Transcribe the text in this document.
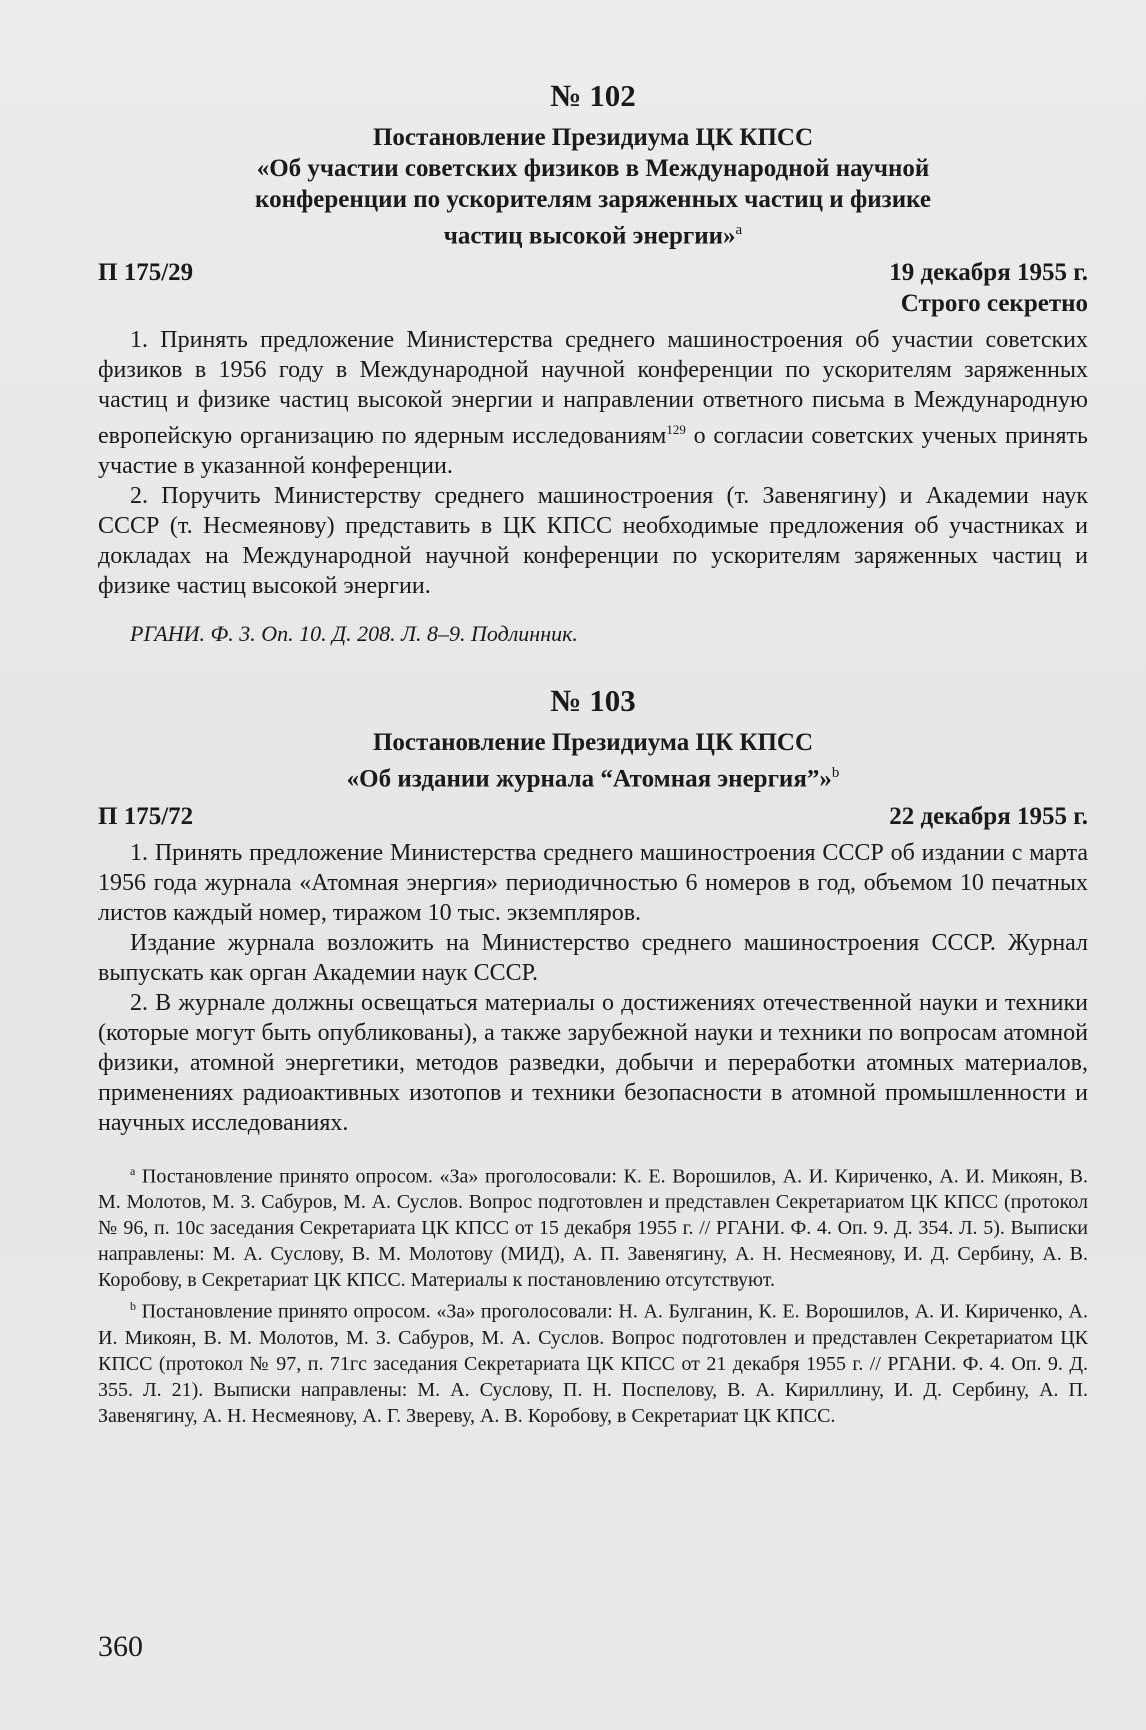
№ 102

Постановление Президиума ЦК КПСС

«Об участии советских физиков в Международной научной

конференции по ускорителям заряженных частиц и физике

частиц высокой энергии»$^a$

П 175/29	19 декабря 1955 г.
Строго секретно

1. Принять предложение Министерства среднего машиностроения об участии советских физиков в 1956 году в Международной научной конференции по ускорителям заряженных частиц и физике частиц высокой энергии и направлении ответного письма в Международную европейскую организацию по ядерным исследованиям$^{129}$ о согласии советских ученых принять участие в указанной конференции.

2. Поручить Министерству среднего машиностроения (т. Завенягину) и Академии наук СССР (т. Несмеянову) представить в ЦК КПСС необходимые предложения об участниках и докладах на Международной научной конференции по ускорителям заряженных частиц и физике частиц высокой энергии.

РГАНИ. Ф. 3. Оп. 10. Д. 208. Л. 8–9. Подлинник.

№ 103

Постановление Президиума ЦК КПСС

«Об издании журнала “Атомная энергия”»$^b$

П 175/72	22 декабря 1955 г.

1. Принять предложение Министерства среднего машиностроения СССР об издании с марта 1956 года журнала «Атомная энергия» периодичностью 6 номеров в год, объемом 10 печатных листов каждый номер, тиражом 10 тыс. экземпляров.

Издание журнала возложить на Министерство среднего машиностроения СССР. Журнал выпускать как орган Академии наук СССР.

2. В журнале должны освещаться материалы о достижениях отечественной науки и техники (которые могут быть опубликованы), а также зарубежной науки и техники по вопросам атомной физики, атомной энергетики, методов разведки, добычи и переработки атомных материалов, применениях радиоактивных изотопов и техники безопасности в атомной промышленности и научных исследованиях.

$^a$ Постановление принято опросом. «За» проголосовали: К. Е. Ворошилов, А. И. Кириченко, А. И. Микоян, В. М. Молотов, М. З. Сабуров, М. А. Суслов. Вопрос подготовлен и представлен Секретариатом ЦК КПСС (протокол № 96, п. 10с заседания Секретариата ЦК КПСС от 15 декабря 1955 г. // РГАНИ. Ф. 4. Оп. 9. Д. 354. Л. 5). Выписки направлены: М. А. Суслову, В. М. Молотову (МИД), А. П. Завенягину, А. Н. Несмеянову, И. Д. Сербину, А. В. Коробову, в Секретариат ЦК КПСС. Материалы к постановлению отсутствуют.

$^b$ Постановление принято опросом. «За» проголосовали: Н. А. Булганин, К. Е. Ворошилов, А. И. Кириченко, А. И. Микоян, В. М. Молотов, М. З. Сабуров, М. А. Суслов. Вопрос подготовлен и представлен Секретариатом ЦК КПСС (протокол № 97, п. 71гс заседания Секретариата ЦК КПСС от 21 декабря 1955 г. // РГАНИ. Ф. 4. Оп. 9. Д. 355. Л. 21). Выписки направлены: М. А. Суслову, П. Н. Поспелову, В. А. Кириллину, И. Д. Сербину, А. П. Завенягину, А. Н. Несмеянову, А. Г. Звереву, А. В. Коробову, в Секретариат ЦК КПСС.

360
